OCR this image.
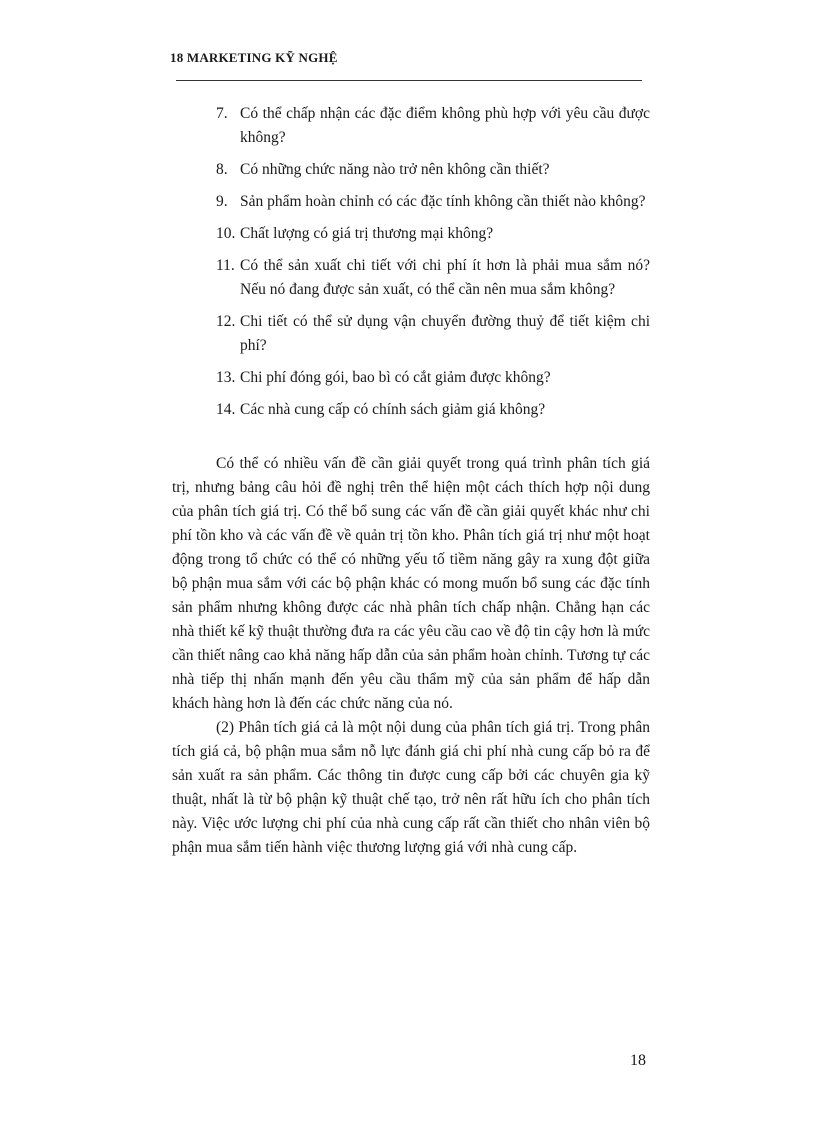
18 MARKETING KỸ NGHỆ
7. Có thể chấp nhận các đặc điểm không phù hợp với yêu cầu được không?
8. Có những chức năng nào trở nên không cần thiết?
9. Sản phẩm hoàn chỉnh có các đặc tính không cần thiết nào không?
10. Chất lượng có giá trị thương mại không?
11. Có thể sản xuất chi tiết với chi phí ít hơn là phải mua sắm nó? Nếu nó đang được sản xuất, có thể cần nên mua sắm không?
12. Chi tiết có thể sử dụng vận chuyển đường thuỷ để tiết kiệm chi phí?
13. Chi phí đóng gói, bao bì có cắt giảm được không?
14. Các nhà cung cấp có chính sách giảm giá không?

Có thể có nhiều vấn đề cần giải quyết trong quá trình phân tích giá trị, nhưng bảng câu hỏi đề nghị trên thể hiện một cách thích hợp nội dung của phân tích giá trị. Có thể bổ sung các vấn đề cần giải quyết khác như chi phí tồn kho và các vấn đề về quản trị tồn kho. Phân tích giá trị như một hoạt động trong tổ chức có thể có những yếu tố tiềm năng gây ra xung đột giữa bộ phận mua sắm với các bộ phận khác có mong muốn bổ sung các đặc tính sản phẩm nhưng không được các nhà phân tích chấp nhận. Chẳng hạn các nhà thiết kế kỹ thuật thường đưa ra các yêu cầu cao về độ tin cậy hơn là mức cần thiết nâng cao khả năng hấp dẫn của sản phẩm hoàn chỉnh. Tương tự các nhà tiếp thị nhấn mạnh đến yêu cầu thẩm mỹ của sản phẩm để hấp dẫn khách hàng hơn là đến các chức năng của nó.

(2) Phân tích giá cả là một nội dung của phân tích giá trị. Trong phân tích giá cả, bộ phận mua sắm nỗ lực đánh giá chi phí nhà cung cấp bỏ ra để sản xuất ra sản phẩm. Các thông tin được cung cấp bởi các chuyên gia kỹ thuật, nhất là từ bộ phận kỹ thuật chế tạo, trở nên rất hữu ích cho phân tích này. Việc ước lượng chi phí của nhà cung cấp rất cần thiết cho nhân viên bộ phận mua sắm tiến hành việc thương lượng giá với nhà cung cấp.

18
